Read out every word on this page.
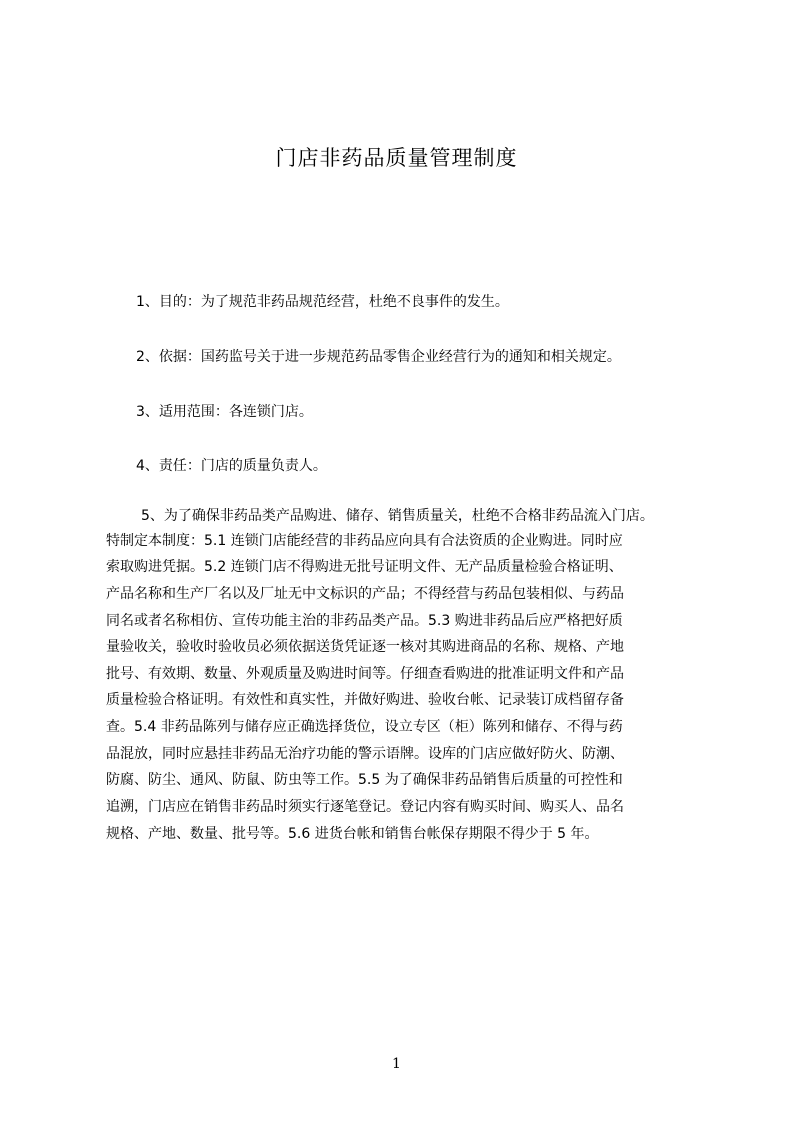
门店非药品质量管理制度
1、目的：为了规范非药品规范经营，杜绝不良事件的发生。
2、依据：国药监号关于进一步规范药品零售企业经营行为的通知和相关规定。
3、适用范围：各连锁门店。
4、责任：门店的质量负责人。
5、为了确保非药品类产品购进、储存、销售质量关，杜绝不合格非药品流入门店。
特制定本制度：5.1 连锁门店能经营的非药品应向具有合法资质的企业购进。同时应
索取购进凭据。5.2 连锁门店不得购进无批号证明文件、无产品质量检验合格证明、
产品名称和生产厂名以及厂址无中文标识的产品；不得经营与药品包装相似、与药品
同名或者名称相仿、宣传功能主治的非药品类产品。5.3 购进非药品后应严格把好质
量验收关，验收时验收员必须依据送货凭证逐一核对其购进商品的名称、规格、产地
批号、有效期、数量、外观质量及购进时间等。仔细查看购进的批准证明文件和产品
质量检验合格证明。有效性和真实性，并做好购进、验收台帐、记录装订成档留存备
查。5.4 非药品陈列与储存应正确选择货位，设立专区（柜）陈列和储存、不得与药
品混放，同时应悬挂非药品无治疗功能的警示语牌。设库的门店应做好防火、防潮、
防腐、防尘、通风、防鼠、防虫等工作。5.5 为了确保非药品销售后质量的可控性和
追溯，门店应在销售非药品时须实行逐笔登记。登记内容有购买时间、购买人、品名
规格、产地、数量、批号等。5.6 进货台帐和销售台帐保存期限不得少于 5 年。
1
